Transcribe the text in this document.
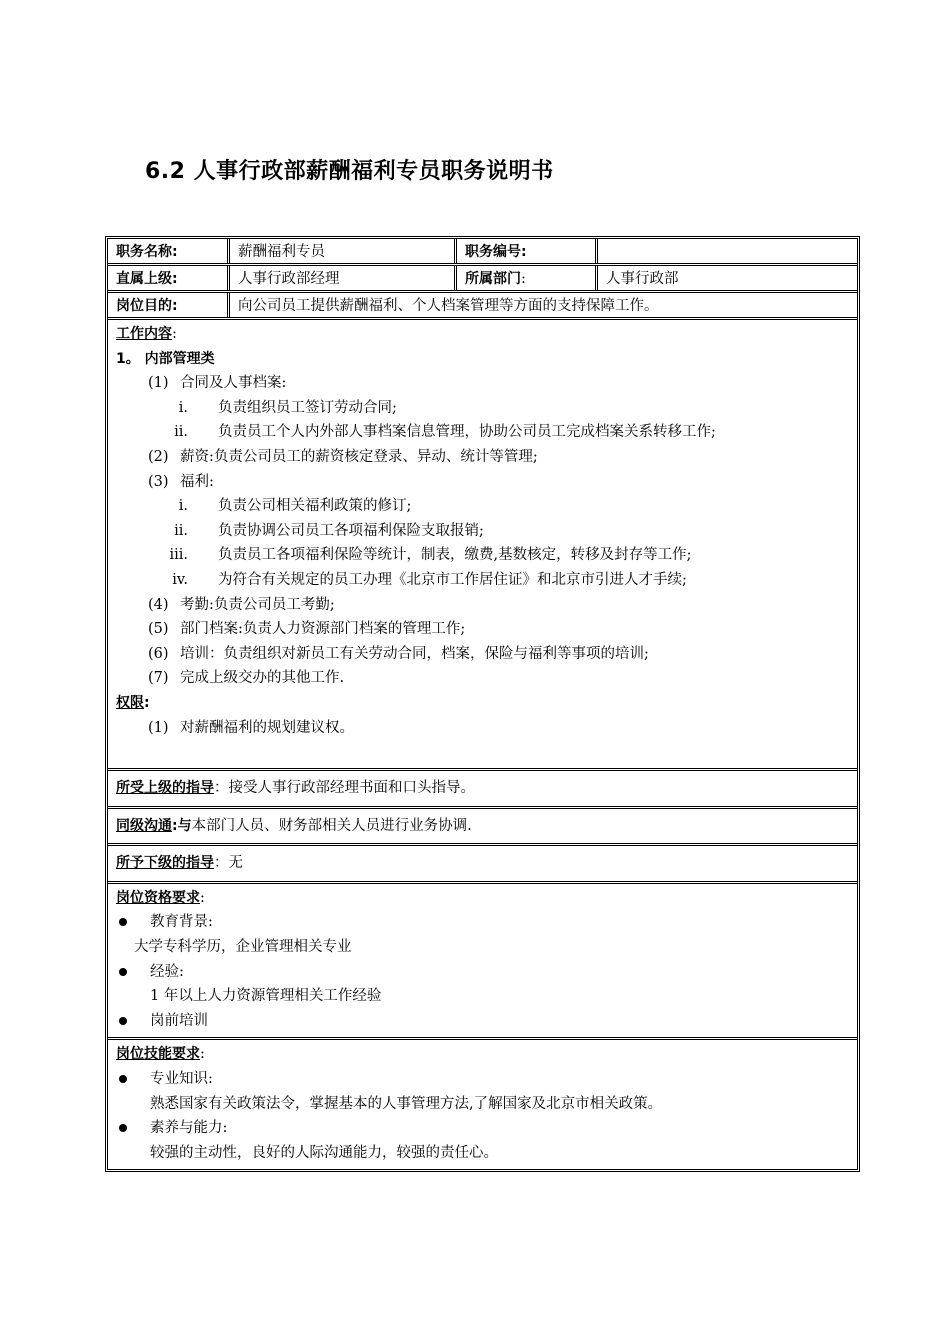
6.2 人事行政部薪酬福利专员职务说明书
职务名称:	薪酬福利专员	职务编号:
直属上级:	人事行政部经理	所属部门:	人事行政部
岗位目的:	向公司员工提供薪酬福利、个人档案管理等方面的支持保障工作。
工作内容:
1。 内部管理类
(1) 合同及人事档案:
i. 负责组织员工签订劳动合同;
ii. 负责员工个人内外部人事档案信息管理，协助公司员工完成档案关系转移工作;
(2) 薪资:负责公司员工的薪资核定登录、异动、统计等管理;
(3) 福利:
i. 负责公司相关福利政策的修订;
ii. 负责协调公司员工各项福利保险支取报销;
iii. 负责员工各项福利保险等统计，制表，缴费,基数核定，转移及封存等工作;
iv. 为符合有关规定的员工办理《北京市工作居住证》和北京市引进人才手续;
(4) 考勤:负责公司员工考勤;
(5) 部门档案:负责人力资源部门档案的管理工作;
(6) 培训：负责组织对新员工有关劳动合同，档案，保险与福利等事项的培训;
(7) 完成上级交办的其他工作.
权限:
(1) 对薪酬福利的规划建议权。
所受上级的指导：接受人事行政部经理书面和口头指导。
同级沟通:与本部门人员、财务部相关人员进行业务协调.
所予下级的指导：无
岗位资格要求:
教育背景:
大学专科学历，企业管理相关专业
经验:
1 年以上人力资源管理相关工作经验
岗前培训
岗位技能要求:
专业知识:
熟悉国家有关政策法令，掌握基本的人事管理方法,了解国家及北京市相关政策。
素养与能力:
较强的主动性，良好的人际沟通能力，较强的责任心。
